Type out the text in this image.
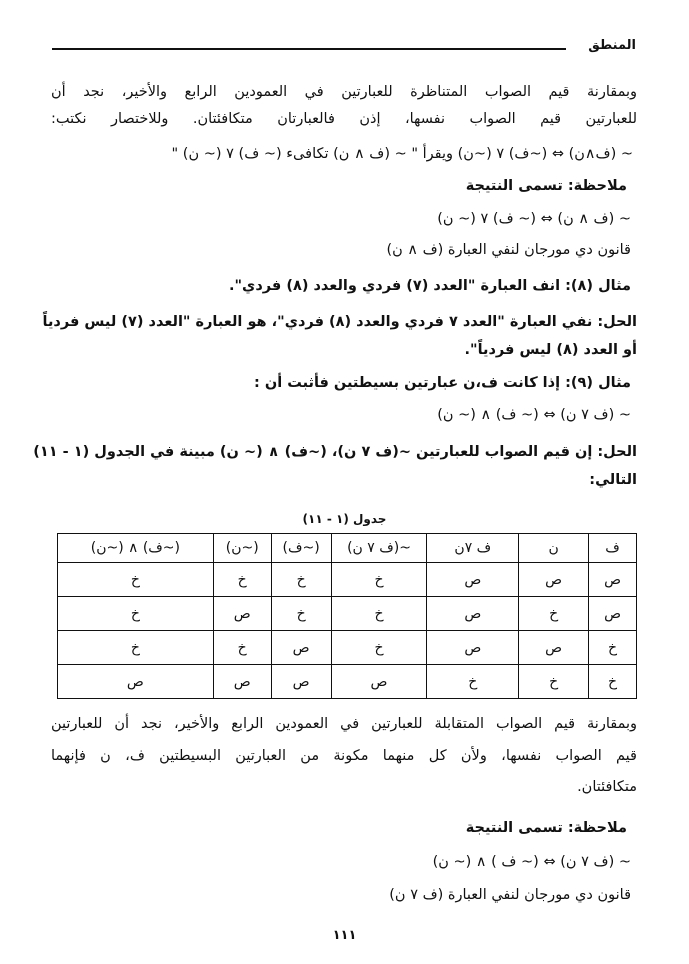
المنطق
وبمقارنة قيم الصواب المتناظرة للعبارتين في العمودين الرابع والأخير، نجد أن
للعبارتين قيم الصواب نفسها، إذن فالعبارتان متكافئتان. وللاختصار نكتب:
~ (ف∧ن) ⇔ (~ف) ٧ (~ن) ويقرأ " ~ (ف ∧ ن) تكافىء (~ ف) ٧ (~ ن) "
ملاحظة: تسمى النتيجة
~ (ف ∧ ن) ⇔ (~ ف) ٧ (~ ن)
قانون دي مورجان لنفي العبارة (ف ∧ ن)
مثال (٨): انف العبارة "العدد (٧) فردي والعدد (٨) فردي".
الحل: نفي العبارة "العدد ٧ فردي والعدد (٨) فردي"، هو العبارة "العدد (٧) ليس فردياً
أو العدد (٨) ليس فردياً".
مثال (٩): إذا كانت ف،ن عبارتين بسيطتين فأثبت أن :
~ (ف ٧ ن) ⇔ (~ ف) ∧ (~ ن)
الحل: إن قيم الصواب للعبارتين ~(ف ٧ ن)، (~ف) ∧ (~ ن) مبينة في الجدول (١ - ١١)
التالي:
جدول (١ - ١١)
ف	ن	ف ٧ن	~(ف ٧ ن)	(~ف)	(~ن)	(~ف) ∧ (~ن)
ص	ص	ص	خ	خ	خ	خ
ص	خ	ص	خ	خ	ص	خ
خ	ص	ص	خ	ص	خ	خ
خ	خ	خ	ص	ص	ص	ص
وبمقارنة قيم الصواب المتقابلة للعبارتين في العمودين الرابع والأخير، نجد أن للعبارتين
قيم الصواب نفسها، ولأن كل منهما مكونة من العبارتين البسيطتين ف، ن فإنهما
متكافئتان.
ملاحظة: تسمى النتيجة
~ (ف ٧ ن) ⇔ (~ ف ) ∧ (~ ن)
قانون دي مورجان لنفي العبارة (ف ٧ ن)
١١١
